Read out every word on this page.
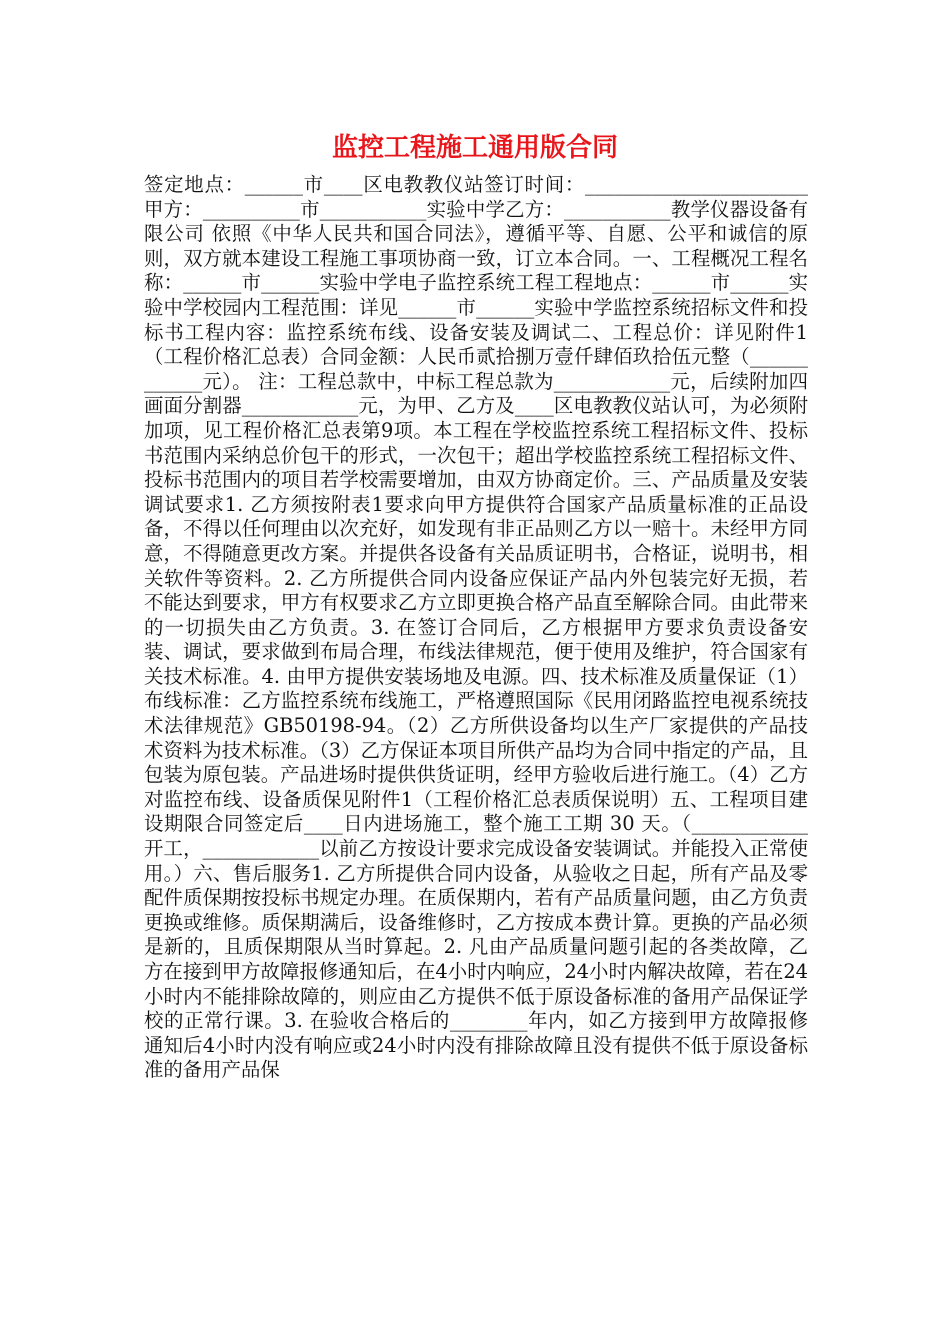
监控工程施工通用版合同

签定地点：______市____区电教教仪站签订时间：_______________________甲方：__________市___________实验中学乙方：___________教学仪器设备有限公司 依照《中华人民共和国合同法》，遵循平等、自愿、公平和诚信的原则，双方就本建设工程施工事项协商一致，订立本合同。一、工程概况工程名称：______市______实验中学电子监控系统工程工程地点：______市______实验中学校园内工程范围：详见______市______实验中学监控系统招标文件和投标书工程内容：监控系统布线、设备安装及调试二、工程总价：详见附件1（工程价格汇总表）合同金额：人民币贰拾捌万壹仟肆佰玖拾伍元整（____________元）。 注：工程总款中，中标工程总款为____________元，后续附加四画面分割器____________元，为甲、乙方及____区电教教仪站认可，为必须附加项，见工程价格汇总表第9项。本工程在学校监控系统工程招标文件、投标书范围内采纳总价包干的形式，一次包干；超出学校监控系统工程招标文件、投标书范围内的项目若学校需要增加，由双方协商定价。三、产品质量及安装调试要求1. 乙方须按附表1要求向甲方提供符合国家产品质量标准的正品设备，不得以任何理由以次充好，如发现有非正品则乙方以一赔十。未经甲方同意，不得随意更改方案。并提供各设备有关品质证明书，合格证，说明书，相关软件等资料。2. 乙方所提供合同内设备应保证产品内外包装完好无损，若不能达到要求，甲方有权要求乙方立即更换合格产品直至解除合同。由此带来的一切损失由乙方负责。3. 在签订合同后，乙方根据甲方要求负责设备安装、调试，要求做到布局合理，布线法律规范，便于使用及维护，符合国家有关技术标准。4. 由甲方提供安装场地及电源。四、技术标准及质量保证（1）布线标准：乙方监控系统布线施工，严格遵照国际《民用闭路监控电视系统技术法律规范》GB50198-94。（2）乙方所供设备均以生产厂家提供的产品技术资料为技术标准。（3）乙方保证本项目所供产品均为合同中指定的产品，且包装为原包装。产品进场时提供供货证明，经甲方验收后进行施工。（4）乙方对监控布线、设备质保见附件1（工程价格汇总表质保说明）五、工程项目建设期限合同签定后____日内进场施工，整个施工工期 30 天。（____________开工，____________以前乙方按设计要求完成设备安装调试。并能投入正常使用。）六、售后服务1. 乙方所提供合同内设备，从验收之日起，所有产品及零配件质保期按投标书规定办理。在质保期内，若有产品质量问题，由乙方负责更换或维修。质保期满后，设备维修时，乙方按成本费计算。更换的产品必须是新的，且质保期限从当时算起。2. 凡由产品质量问题引起的各类故障，乙方在接到甲方故障报修通知后，在4小时内响应，24小时内解决故障，若在24小时内不能排除故障的，则应由乙方提供不低于原设备标准的备用产品保证学校的正常行课。3. 在验收合格后的________年内，如乙方接到甲方故障报修通知后4小时内没有响应或24小时内没有排除故障且没有提供不低于原设备标准的备用产品保
